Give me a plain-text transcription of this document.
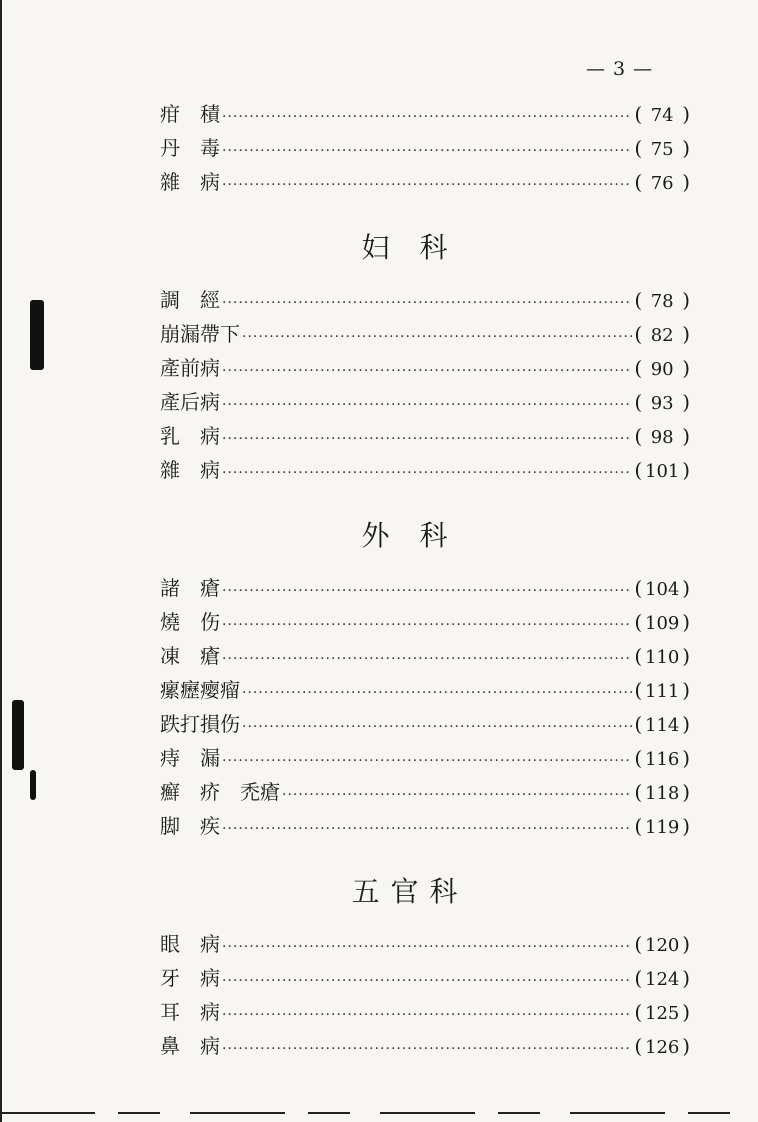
— 3 —
疳　積 ·····	( 74 )
丹　毒 ·····	( 75 )
雜　病 ·····	( 76 )
妇　科
調　經 ·····	( 78 )
崩漏帶下 ·····	( 82 )
產前病 ·····	( 90 )
產后病 ·····	( 93 )
乳　病 ·····	( 98 )
雜　病 ·····	( 101 )
外　科
諸　瘡 ·····	( 104 )
燒　伤 ·····	( 109 )
凍　瘡 ·····	( 110 )
瘰癧瘿瘤 ·····	( 111 )
跌打損伤 ·····	( 114 )
痔　漏 ·····	( 116 )
癬　疥　禿瘡 ·····	( 118 )
脚　疾 ·····	( 119 )
五 官 科
眼　病 ·····	( 120 )
牙　病 ·····	( 124 )
耳　病 ·····	( 125 )
鼻　病 ·····	( 126 )
